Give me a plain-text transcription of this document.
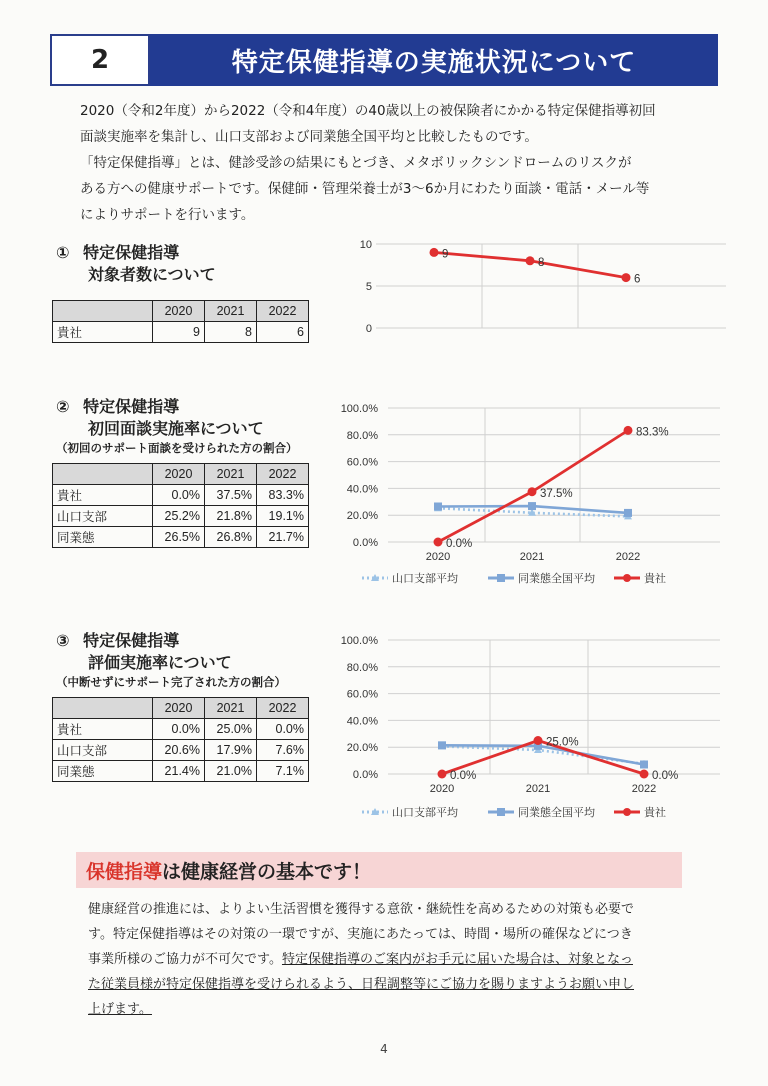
2	特定保健指導の実施状況について

2020（令和2年度）から2022（令和4年度）の40歳以上の被保険者にかかる特定保健指導初回

面談実施率を集計し、山口支部および同業態全国平均と比較したものです。

「特定保健指導」とは、健診受診の結果にもとづき、メタボリックシンドロームのリスクが

ある方への健康サポートです。保健師・管理栄養士が3～6か月にわたり面談・電話・メール等

によりサポートを行います。

① 特定保健指導
対象者数について
	2020	2021	2022
貴社	9	8	6
② 特定保健指導
初回面談実施率について
（初回のサポート面談を受けられた方の割合）
	2020	2021	2022
貴社	0.0%	37.5%	83.3%
山口支部	25.2%	21.8%	19.1%
同業態	26.5%	26.8%	21.7%
③ 特定保健指導
評価実施率について
（中断せずにサポート完了された方の割合）
	2020	2021	2022
貴社	0.0%	25.0%	0.0%
山口支部	20.6%	17.9%	7.6%
同業態	21.4%	21.0%	7.1%
0
5
10
9
8
6
0.0%
20.0%
40.0%
60.0%
80.0%
100.0%
2020	2021	2022
0.0%
37.5%
83.3%
山口支部平均	同業態全国平均	貴社
0.0%
20.0%
40.0%
60.0%
80.0%
100.0%
2020	2021	2022
0.0%
25.0%
0.0%
山口支部平均	同業態全国平均	貴社
保健指導 は健康経営の基本です！

健康経営の推進には、よりよい生活習慣を獲得する意欲・継続性を高めるための対策も必要で

す。特定保健指導はその対策の一環ですが、実施にあたっては、時間・場所の確保などにつき

事業所様のご協力が不可欠です。特定保健指導のご案内がお手元に届いた場合は、対象となっ

た従業員様が特定保健指導を受けられるよう、日程調整等にご協力を賜りますようお願い申し

上げます。

4
